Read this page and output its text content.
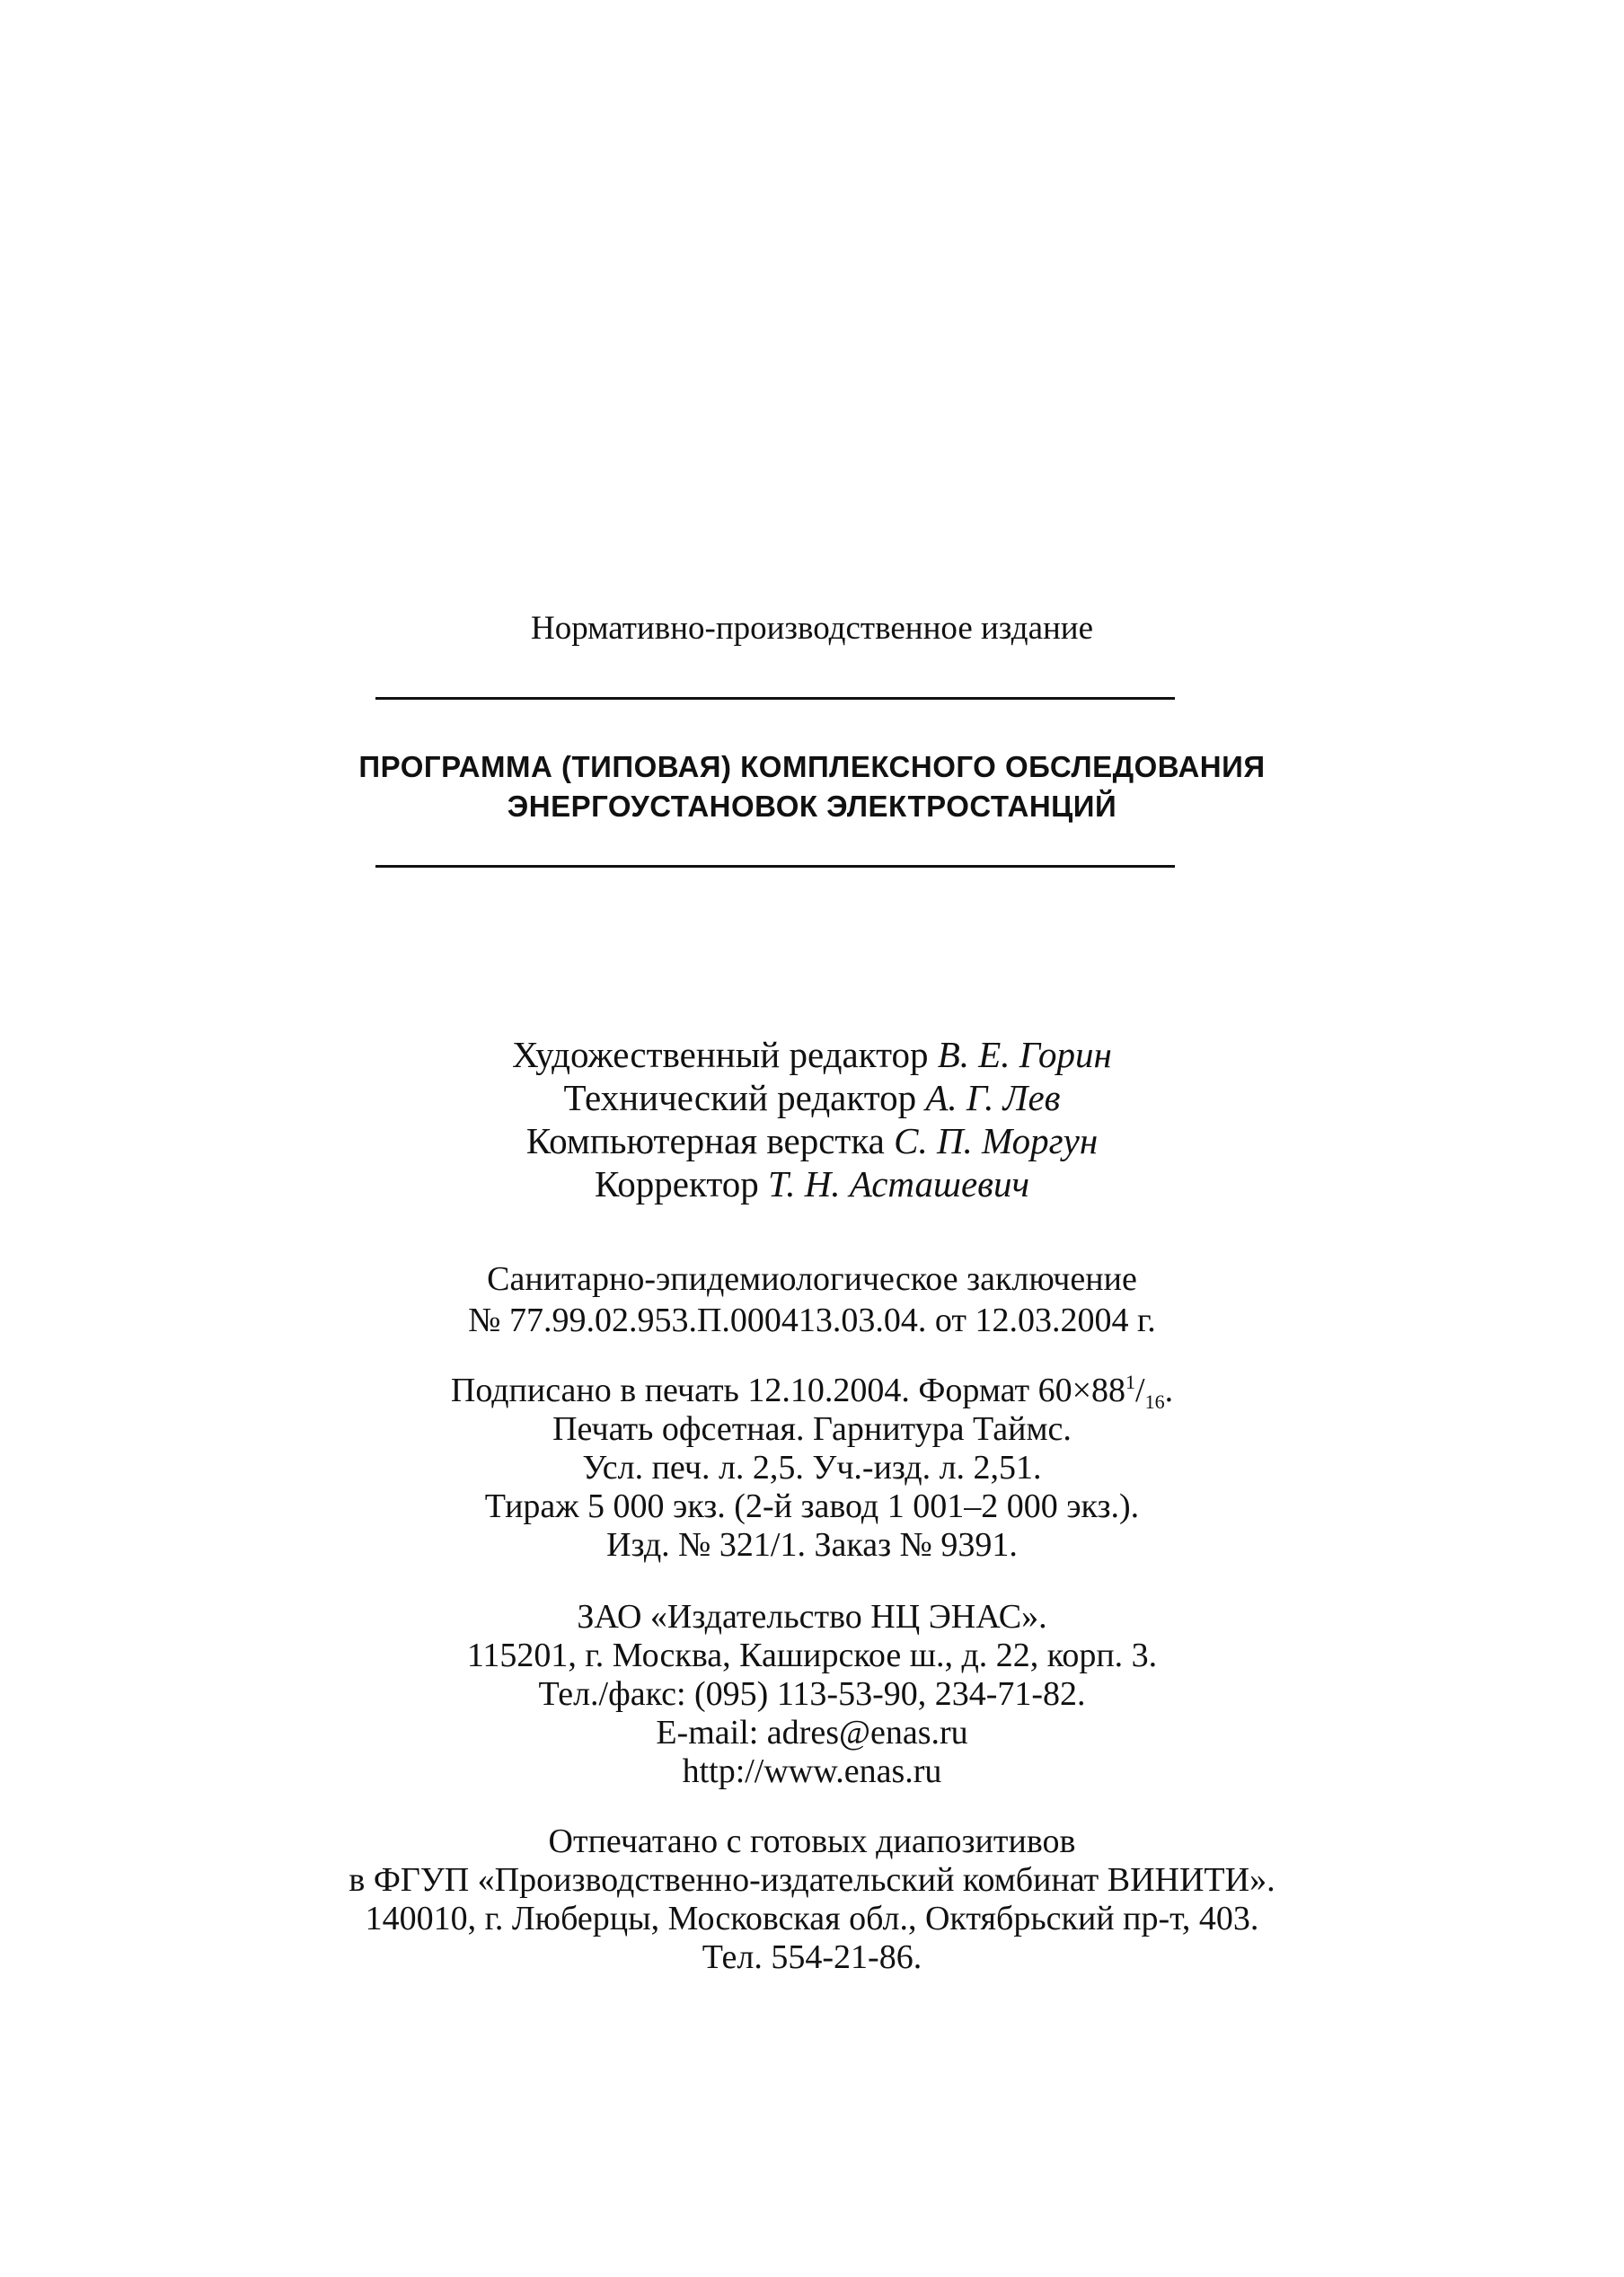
Нормативно-производственное издание
ПРОГРАММА (ТИПОВАЯ) КОМПЛЕКСНОГО ОБСЛЕДОВАНИЯ
ЭНЕРГОУСТАНОВОК ЭЛЕКТРОСТАНЦИЙ
Художественный редактор В. Е. Горин
Технический редактор А. Г. Лев
Компьютерная верстка С. П. Моргун
Корректор Т. Н. Асташевич
Санитарно-эпидемиологическое заключение
№ 77.99.02.953.П.000413.03.04. от 12.03.2004 г.
Подписано в печать 12.10.2004. Формат $60\times 88^1/_{16}$.
Печать офсетная. Гарнитура Таймс.
Усл. печ. л. 2,5. Уч.-изд. л. 2,51.
Тираж 5 000 экз. (2-й завод 1 001–2 000 экз.).
Изд. № 321/1. Заказ № 9391.
ЗАО «Издательство НЦ ЭНАС».
115201, г. Москва, Каширское ш., д. 22, корп. 3.
Тел./факс: (095) 113-53-90, 234-71-82.
E-mail: adres@enas.ru
http://www.enas.ru
Отпечатано с готовых диапозитивов
в ФГУП «Производственно-издательский комбинат ВИНИТИ».
140010, г. Люберцы, Московская обл., Октябрьский пр-т, 403.
Тел. 554-21-86.
